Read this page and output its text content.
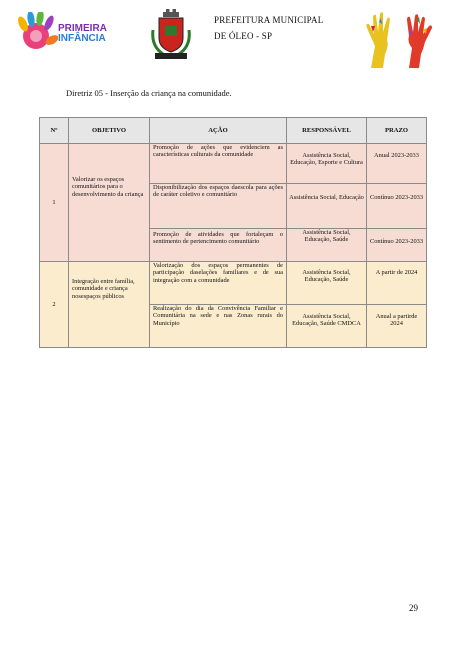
PRIMEIRA
INFÂNCIA
PREFEITURA MUNICIPAL
DE ÓLEO - SP
Diretriz 05 - Inserção da criança na comunidade.
Nº	OBJETIVO	AÇÃO	RESPONSÁVEL	PRAZO
1	Valorizar os espaços comunitários para o desenvolvimento da criança	Promoção de ações que evidenciem as características culturais da comunidade	Assistência Social, Educação, Esporte e Cultura	Anual 2023-2033
		Disponibilização dos espaços daescola para ações de caráter coletivo e comunitário	Assistência Social, Educação	Contínuo 2023-2033
		Promoção de atividades que fortaleçam o sentimento de pertencimento comunitário	Assistência Social, Educação, Saúde	Contínuo 2023-2033
2	Integração entre família, comunidade e criança nosespaços públicos	Valorização dos espaços permanentes de participação daselações familiares e de sua integração com a comunidade	Assistência Social, Educação, Saúde	A partir de 2024
		Realização do dia da Convivência Familiar e Comunitária na sede e nas Zonas rurais do Município	Assistência Social, Educação, Saúde CMDCA	Anual a partirde 2024
29
